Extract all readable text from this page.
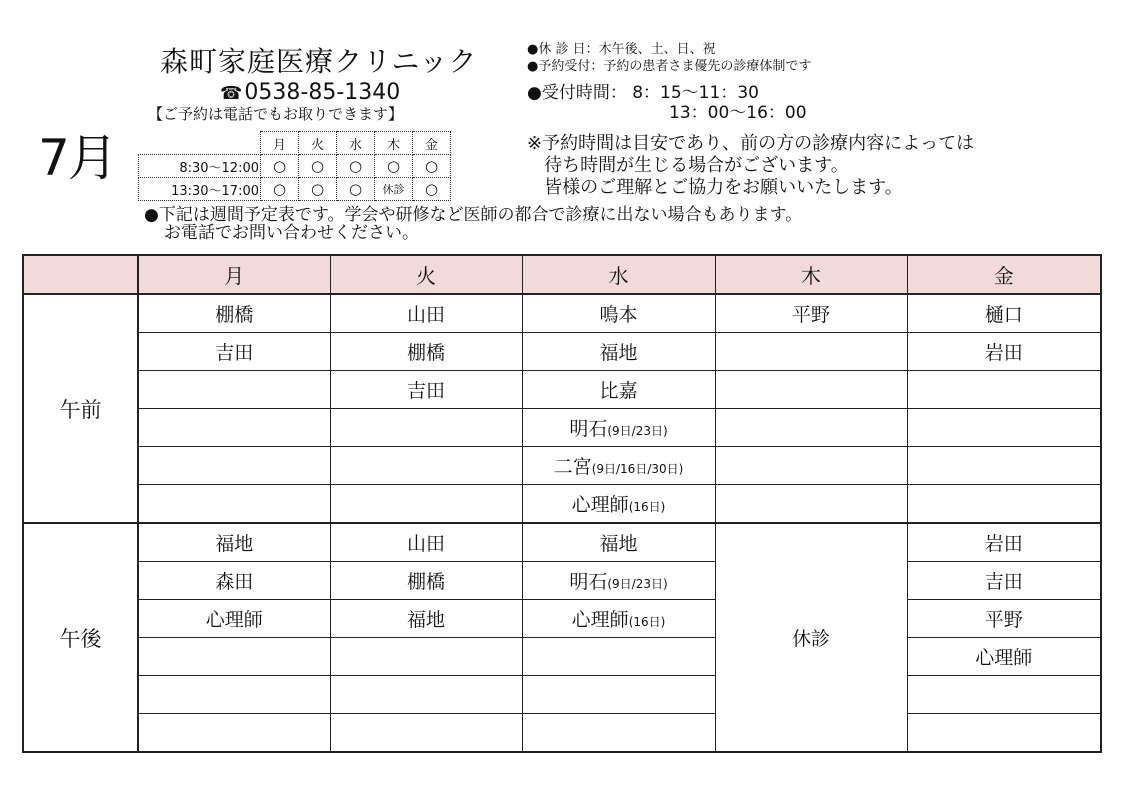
森町家庭医療クリニック
☎0538-85-1340
【ご予約は電話でもお取りできます】
7月
●休 診 日：木午後、土、日、祝
●予約受付：予約の患者さま優先の診療体制です
●受付時間： 8：15〜11：30
13：00〜16：00
※予約時間は目安であり、前の方の診療内容によっては
待ち時間が生じる場合がございます。
皆様のご理解とご協力をお願いいたします。
	月	火	水	木	金
8:30〜12:00	○	○	○	○	○
13:30〜17:00	○	○	○	休診	○
●下記は週間予定表です。学会や研修など医師の都合で診療に出ない場合もあります。
お電話でお問い合わせください。
	月	火	水	木	金
午前	棚橋	山田	鳴本	平野	樋口
	吉田	棚橋	福地		岩田
		吉田	比嘉		
			明石(9日/23日)		
			二宮(9日/16日/30日)		
			心理師(16日)		
午後	福地	山田	福地	休診	岩田
	森田	棚橋	明石(9日/23日)		吉田
	心理師	福地	心理師(16日)		平野
					心理師
